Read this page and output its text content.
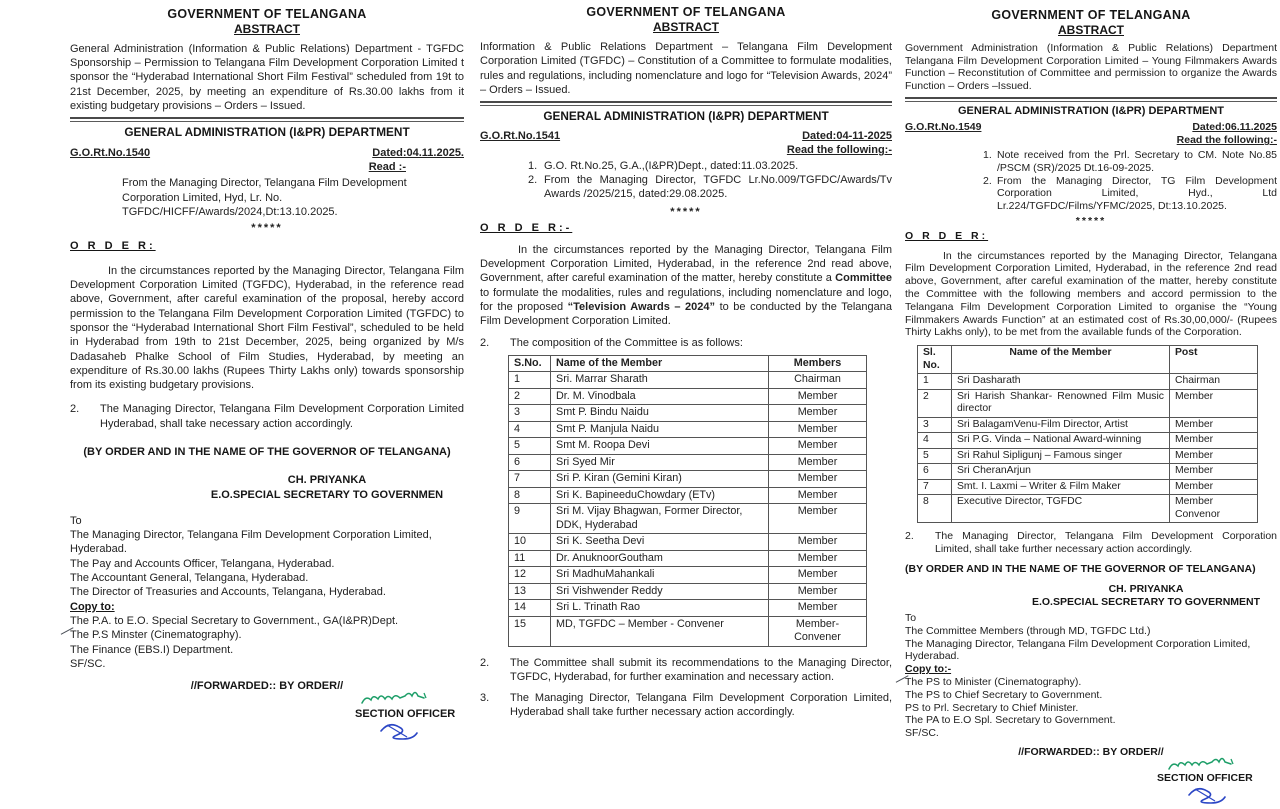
GOVERNMENT OF TELANGANA
ABSTRACT
General Administration (Information & Public Relations) Department - TGFDC Sponsorship – Permission to Telangana Film Development Corporation Limited t sponsor the “Hyderabad International Short Film Festival” scheduled from 19t to 21st December, 2025, by meeting an expenditure of Rs.30.00 lakhs from it existing budgetary provisions – Orders – Issued.
GENERAL ADMINISTRATION (I&PR) DEPARTMENT
G.O.Rt.No.1540	Dated:04.11.2025.
Read :-
From the Managing Director, Telangana Film Development Corporation Limited, Hyd, Lr. No. TGFDC/HICFF/Awards/2024,Dt:13.10.2025.
*****
O R D E R:
In the circumstances reported by the Managing Director, Telangana Film Development Corporation Limited (TGFDC), Hyderabad, in the reference read above, Government, after careful examination of the proposal, hereby accord permission to the Telangana Film Development Corporation Limited (TGFDC) to sponsor the “Hyderabad International Short Film Festival”, scheduled to be held in Hyderabad from 19th to 21st December, 2025, being organized by M/s Dadasaheb Phalke School of Film Studies, Hyderabad, by meeting an expenditure of Rs.30.00 lakhs (Rupees Thirty Lakhs only) towards sponsorship from its existing budgetary provisions.
2.	The Managing Director, Telangana Film Development Corporation Limited Hyderabad, shall take necessary action accordingly.
(BY ORDER AND IN THE NAME OF THE GOVERNOR OF TELANGANA)
CH. PRIYANKA
E.O.SPECIAL SECRETARY TO GOVERNMEN
To
The Managing Director, Telangana Film Development Corporation Limited, Hyderabad.
The Pay and Accounts Officer, Telangana, Hyderabad.
The Accountant General, Telangana, Hyderabad.
The Director of Treasuries and Accounts, Telangana, Hyderabad.
Copy to:
The P.A. to E.O. Special Secretary to Government., GA(I&PR)Dept.
The P.S Minster (Cinematography).
The Finance (EBS.I) Department.
SF/SC.
//FORWARDED:: BY ORDER//
SECTION OFFICER
GOVERNMENT OF TELANGANA
ABSTRACT
Information & Public Relations Department – Telangana Film Development Corporation Limited (TGFDC) – Constitution of a Committee to formulate modalities, rules and regulations, including nomenclature and logo for “Television Awards, 2024” – Orders – Issued.
GENERAL ADMINISTRATION (I&PR) DEPARTMENT
G.O.Rt.No.1541	Dated:04-11-2025
Read the following:-
1. G.O. Rt.No.25, G.A.,(I&PR)Dept., dated:11.03.2025.
2. From the Managing Director, TGFDC Lr.No.009/TGFDC/Awards/Tv Awards /2025/215, dated:29.08.2025.
*****
O R D E R:-
In the circumstances reported by the Managing Director, Telangana Film Development Corporation Limited, Hyderabad, in the reference 2nd read above, Government, after careful examination of the matter, hereby constitute a Committee to formulate the modalities, rules and regulations, including nomenclature and logo, for the proposed “Television Awards – 2024” to be conducted by the Telangana Film Development Corporation Limited.
2.	The composition of the Committee is as follows:
S.No.	Name of the Member	Members
1	Sri. Marrar Sharath	Chairman
2	Dr. M. Vinodbala	Member
3	Smt P. Bindu Naidu	Member
4	Smt P. Manjula Naidu	Member
5	Smt M. Roopa Devi	Member
6	Sri Syed Mir	Member
7	Sri P. Kiran (Gemini Kiran)	Member
8	Sri K. BapineeduChowdary (ETv)	Member
9	Sri M. Vijay Bhagwan, Former Director, DDK, Hyderabad	Member
10	Sri K. Seetha Devi	Member
11	Dr. AnuknoorGoutham	Member
12	Sri MadhuMahankali	Member
13	Sri Vishwender Reddy	Member
14	Sri L. Trinath Rao	Member
15	MD, TGFDC – Member - Convener	Member-Convener
2.	The Committee shall submit its recommendations to the Managing Director, TGFDC, Hyderabad, for further examination and necessary action.
3.	The Managing Director, Telangana Film Development Corporation Limited, Hyderabad shall take further necessary action accordingly.
GOVERNMENT OF TELANGANA
ABSTRACT
Government Administration (Information & Public Relations) Department Telangana Film Development Corporation Limited – Young Filmmakers Awards Function – Reconstitution of Committee and permission to organize the Awards Function – Orders –Issued.
GENERAL ADMINISTRATION (I&PR) DEPARTMENT
G.O.Rt.No.1549	Dated:06.11.2025
Read the following:-
1. Note received from the Prl. Secretary to CM. Note No.85 /PSCM (SR)/2025 Dt.16-09-2025.
2. From the Managing Director, TG Film Development Corporation Limited, Hyd., Ltd Lr.224/TGFDC/Films/YFMC/2025, Dt:13.10.2025.
*****
O R D E R:
In the circumstances reported by the Managing Director, Telangana Film Development Corporation Limited, Hyderabad, in the reference 2nd read above, Government, after careful examination of the matter, hereby constitute the Committee with the following members and accord permission to the Telangana Film Development Corporation Limited to organise the “Young Filmmakers Awards Function” at an estimated cost of Rs.30,00,000/- (Rupees Thirty Lakhs only), to be met from the available funds of the Corporation.
Sl. No.	Name of the Member	Post
1	Sri Dasharath	Chairman
2	Sri Harish Shankar- Renowned Film Music director	Member
3	Sri BalagamVenu-Film Director, Artist	Member
4	Sri P.G. Vinda – National Award-winning	Member
5	Sri Rahul Sipligunj – Famous singer	Member
6	Sri CheranArjun	Member
7	Smt. I. Laxmi – Writer & Film Maker	Member
8	Executive Director, TGFDC	Member Convenor
2.	The Managing Director, Telangana Film Development Corporation Limited, shall take further necessary action accordingly.
(BY ORDER AND IN THE NAME OF THE GOVERNOR OF TELANGANA)
CH. PRIYANKA
E.O.SPECIAL SECRETARY TO GOVERNMENT
To
The Committee Members (through MD, TGFDC Ltd.)
The Managing Director, Telangana Film Development Corporation Limited, Hyderabad.
Copy to:-
The PS to Minister (Cinematography).
The PS to Chief Secretary to Government.
PS to Prl. Secretary to Chief Minister.
The PA to E.O Spl. Secretary to Government.
SF/SC.
//FORWARDED:: BY ORDER//
SECTION OFFICER
